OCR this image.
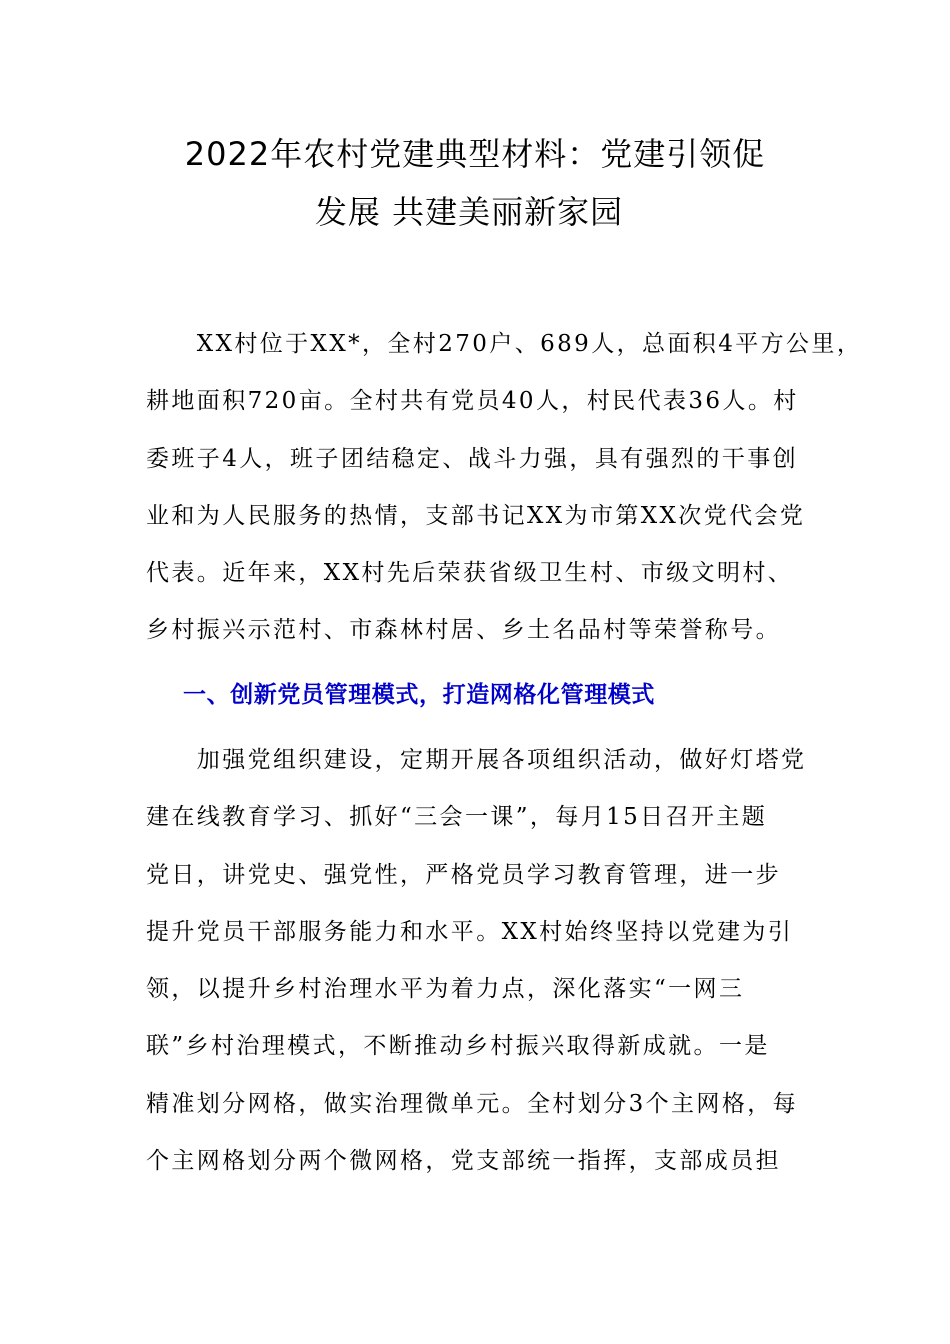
2022年农村党建典型材料：党建引领促
发展 共建美丽新家园
　　XX村位于XX*，全村270户、689人，总面积4平方公里，
耕地面积720亩。全村共有党员40人，村民代表36人。村
委班子4人，班子团结稳定、战斗力强，具有强烈的干事创
业和为人民服务的热情，支部书记XX为市第XX次党代会党
代表。近年来，XX村先后荣获省级卫生村、市级文明村、
乡村振兴示范村、市森林村居、乡土名品村等荣誉称号。
一、创新党员管理模式，打造网格化管理模式
　　加强党组织建设，定期开展各项组织活动，做好灯塔党
建在线教育学习、抓好“三会一课”，每月15日召开主题
党日，讲党史、强党性，严格党员学习教育管理，进一步
提升党员干部服务能力和水平。XX村始终坚持以党建为引
领，以提升乡村治理水平为着力点，深化落实“一网三
联”乡村治理模式，不断推动乡村振兴取得新成就。一是
精准划分网格，做实治理微单元。全村划分3个主网格，每
个主网格划分两个微网格，党支部统一指挥，支部成员担
